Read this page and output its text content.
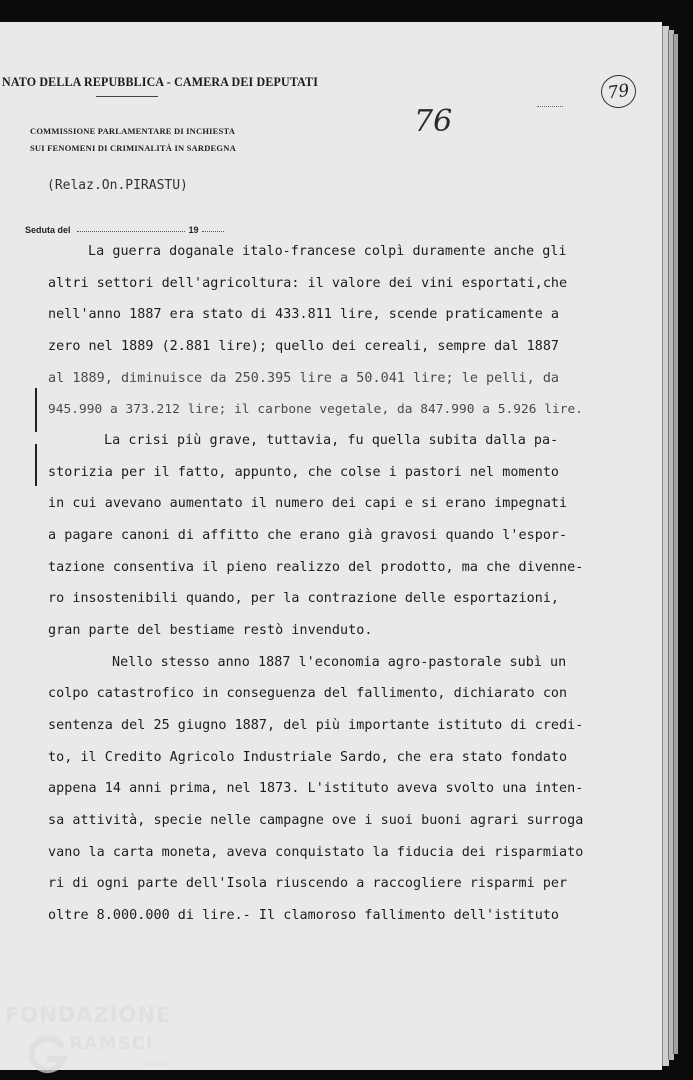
NATO DELLA REPUBBLICA - CAMERA DEI DEPUTATI
COMMISSIONE PARLAMENTARE DI INCHIESTA
SUI FENOMENI DI CRIMINALITÀ IN SARDEGNA
76
79
(Relaz.On.PIRASTU)
Seduta del	19
La guerra doganale italo-francese colpì duramente anche gli
altri settori dell'agricoltura: il valore dei vini esportati,che
nell'anno 1887 era stato di 433.811 lire, scende praticamente a
zero nel 1889 (2.881 lire); quello dei cereali, sempre dal 1887
al 1889, diminuisce da 250.395 lire a 50.041 lire; le pelli, da
945.990 a 373.212 lire; il carbone vegetale, da 847.990 a 5.926 lire.
La crisi più grave, tuttavia, fu quella subita dalla pa-
storizia per il fatto, appunto, che colse i pastori nel momento
in cui avevano aumentato il numero dei capi e si erano impegnati
a pagare canoni di affitto che erano già gravosi quando l'espor-
tazione consentiva il pieno realizzo del prodotto, ma che divenne-
ro insostenibili quando, per la contrazione delle esportazioni,
gran parte del bestiame restò invenduto.
Nello stesso anno 1887 l'economia agro-pastorale subì un
colpo catastrofico in conseguenza del fallimento, dichiarato con
sentenza del 25 giugno 1887, del più importante istituto di credi-
to, il Credito Agricolo Industriale Sardo, che era stato fondato
appena 14 anni prima, nel 1873. L'istituto aveva svolto una inten-
sa attività, specie nelle campagne ove i suoi buoni agrari surroga
vano la carta moneta, aveva conquistato la fiducia dei risparmiato
ri di ogni parte dell'Isola riuscendo a raccogliere risparmi per
oltre 8.000.000 di lire.- Il clamoroso fallimento dell'istituto
FONDAZIONE
RAMSCI
onlus
